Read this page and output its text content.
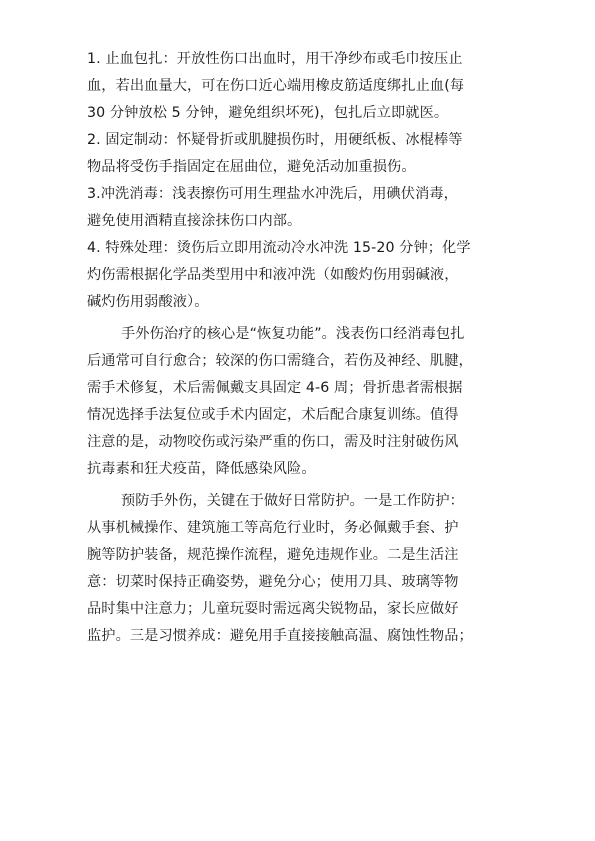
1. 止血包扎：开放性伤口出血时，用干净纱布或毛巾按压止
血，若出血量大，可在伤口近心端用橡皮筋适度绑扎止血(每
30 分钟放松 5 分钟，避免组织坏死)，包扎后立即就医。
2. 固定制动：怀疑骨折或肌腱损伤时，用硬纸板、冰棍棒等
物品将受伤手指固定在屈曲位，避免活动加重损伤。
3.冲洗消毒：浅表擦伤可用生理盐水冲洗后，用碘伏消毒，
避免使用酒精直接涂抹伤口内部。
4. 特殊处理：烫伤后立即用流动冷水冲洗 15-20 分钟；化学
灼伤需根据化学品类型用中和液冲洗（如酸灼伤用弱碱液，
碱灼伤用弱酸液）。
手外伤治疗的核心是“恢复功能”。浅表伤口经消毒包扎
后通常可自行愈合；较深的伤口需缝合，若伤及神经、肌腱，
需手术修复，术后需佩戴支具固定 4-6 周；骨折患者需根据
情况选择手法复位或手术内固定，术后配合康复训练。值得
注意的是，动物咬伤或污染严重的伤口，需及时注射破伤风
抗毒素和狂犬疫苗，降低感染风险。
预防手外伤，关键在于做好日常防护。一是工作防护：
从事机械操作、建筑施工等高危行业时，务必佩戴手套、护
腕等防护装备，规范操作流程，避免违规作业。二是生活注
意：切菜时保持正确姿势，避免分心；使用刀具、玻璃等物
品时集中注意力；儿童玩耍时需远离尖锐物品，家长应做好
监护。三是习惯养成：避免用手直接接触高温、腐蚀性物品；
